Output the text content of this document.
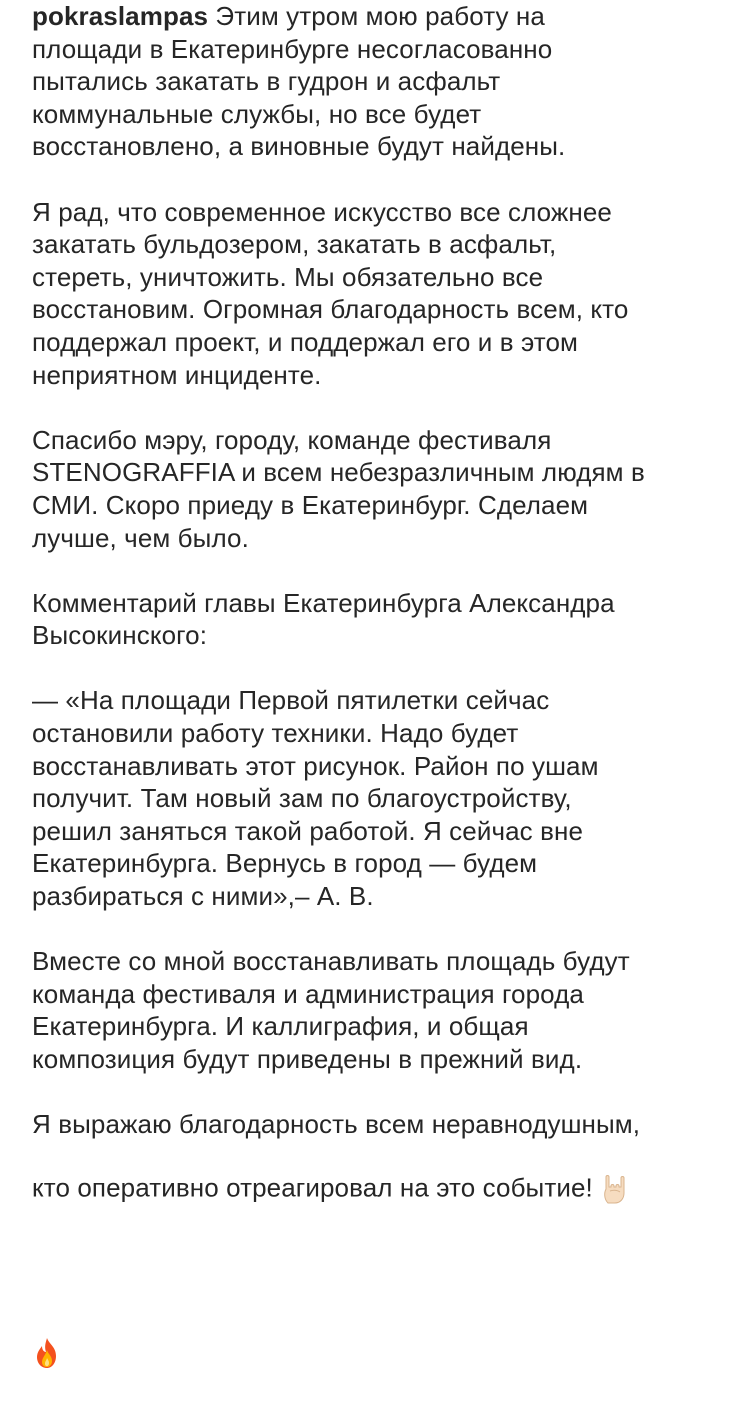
pokraslampas Этим утром мою работу на
площади в Екатеринбурге несогласованно
пытались закатать в гудрон и асфальт
коммунальные службы, но все будет
восстановлено, а виновные будут найдены.

Я рад, что современное искусство все сложнее
закатать бульдозером, закатать в асфальт,
стереть, уничтожить. Мы обязательно все
восстановим. Огромная благодарность всем, кто
поддержал проект, и поддержал его и в этом
неприятном инциденте.

Спасибо мэру, городу, команде фестиваля
STENOGRAFFIA и всем небезразличным людям в
СМИ. Скоро приеду в Екатеринбург. Сделаем
лучше, чем было.

Комментарий главы Екатеринбурга Александра
Высокинского:

— «На площади Первой пятилетки сейчас
остановили работу техники. Надо будет
восстанавливать этот рисунок. Район по ушам
получит. Там новый зам по благоустройству,
решил заняться такой работой. Я сейчас вне
Екатеринбурга. Вернусь в город — будем
разбираться с ними»,– А. В.

Вместе со мной восстанавливать площадь будут
команда фестиваля и администрация города
Екатеринбурга. И каллиграфия, и общая
композиция будут приведены в прежний вид.

Я выражаю благодарность всем неравнодушным,
кто оперативно отреагировал на это событие!
